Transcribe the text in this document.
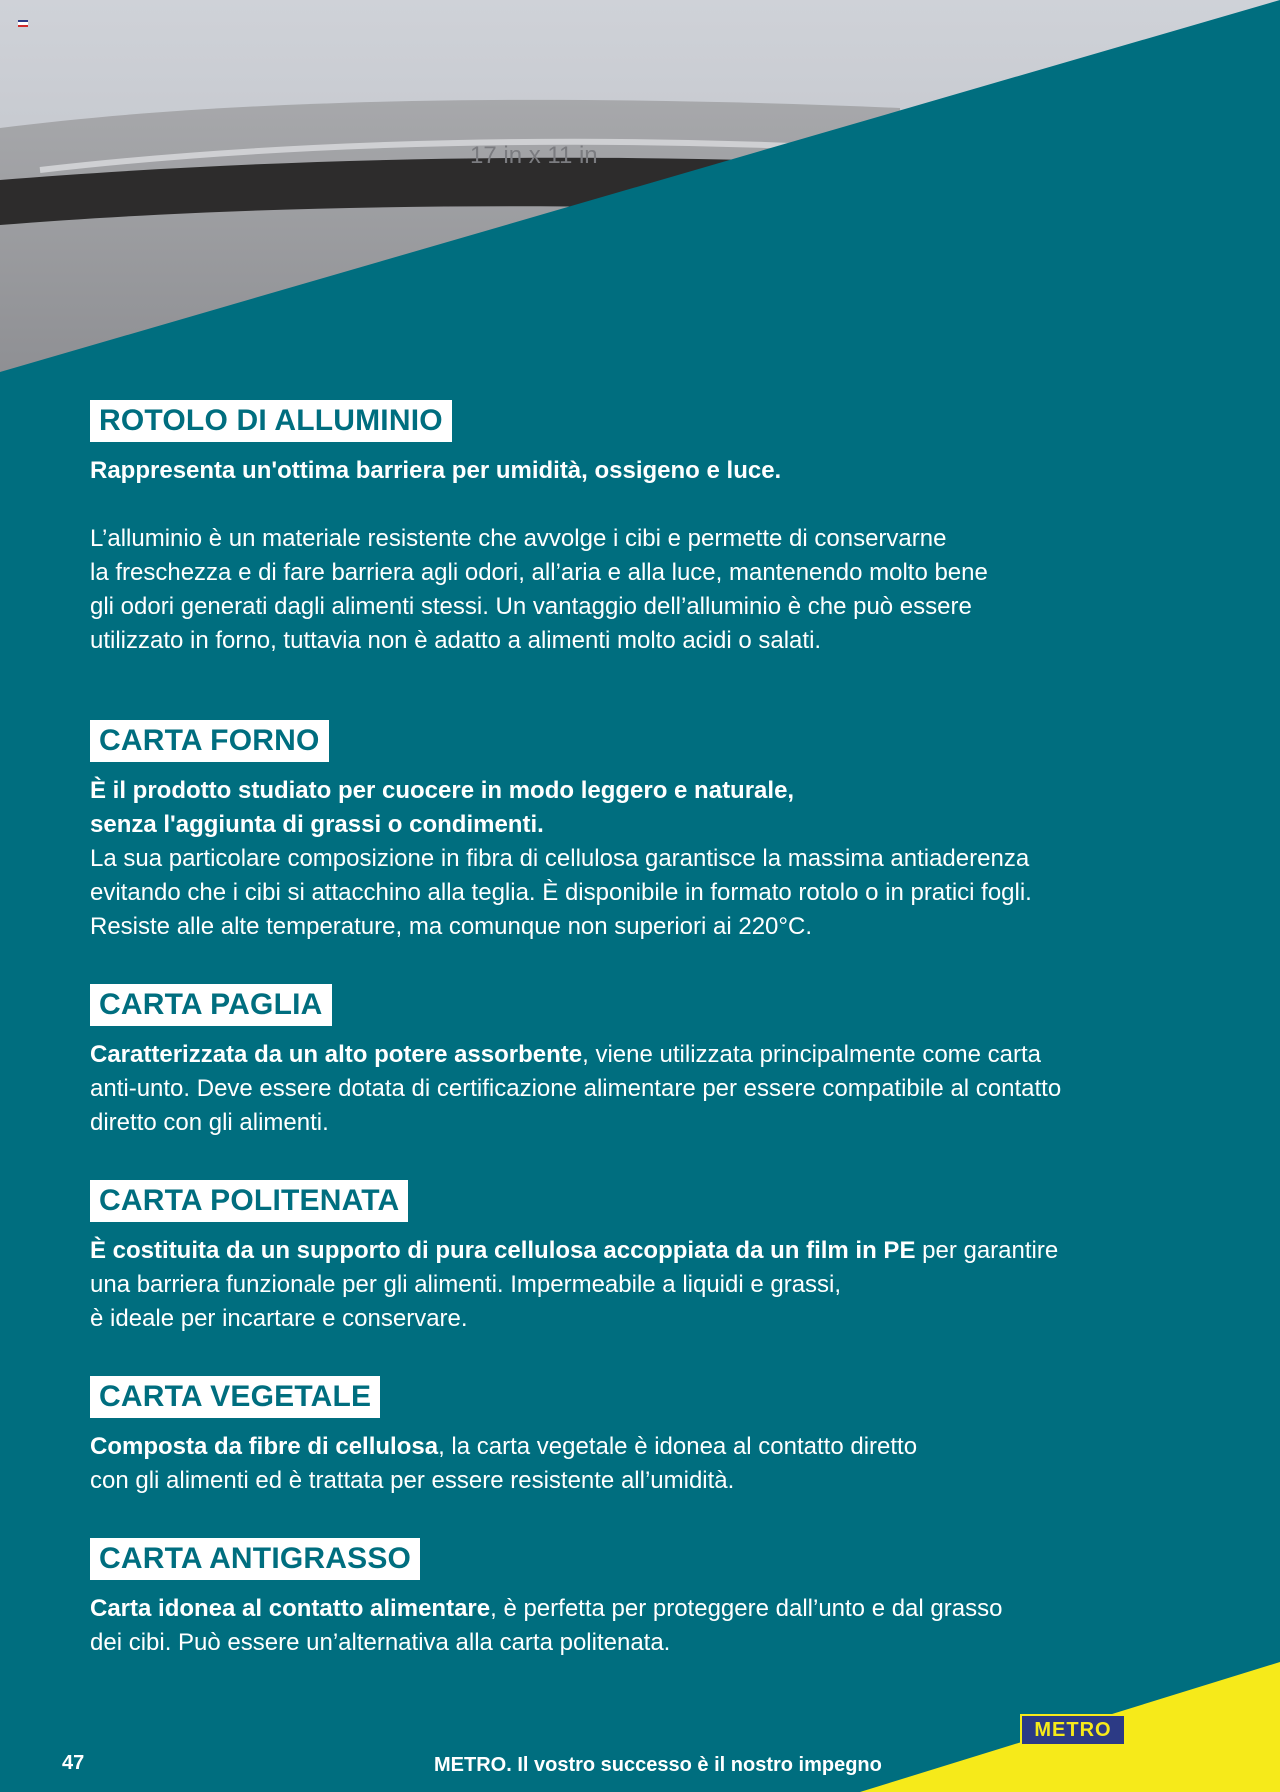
17 in x 11 in
ROTOLO DI ALLUMINIO

Rappresenta un'ottima barriera per umidità, ossigeno e luce.

L’alluminio è un materiale resistente che avvolge i cibi e permette di conservarne

la freschezza e di fare barriera agli odori, all’aria e alla luce, mantenendo molto bene

gli odori generati dagli alimenti stessi. Un vantaggio dell’alluminio è che può essere

utilizzato in forno, tuttavia non è adatto a alimenti molto acidi o salati.

CARTA FORNO

È il prodotto studiato per cuocere in modo leggero e naturale,

senza l'aggiunta di grassi o condimenti.

La sua particolare composizione in fibra di cellulosa garantisce la massima antiaderenza

evitando che i cibi si attacchino alla teglia. È disponibile in formato rotolo o in pratici fogli.

Resiste alle alte temperature, ma comunque non superiori ai 220°C.

CARTA PAGLIA

Caratterizzata da un alto potere assorbente, viene utilizzata principalmente come carta

anti-unto. Deve essere dotata di certificazione alimentare per essere compatibile al contatto

diretto con gli alimenti.

CARTA POLITENATA

È costituita da un supporto di pura cellulosa accoppiata da un film in PE per garantire

una barriera funzionale per gli alimenti. Impermeabile a liquidi e grassi,

è ideale per incartare e conservare.

CARTA VEGETALE

Composta da fibre di cellulosa, la carta vegetale è idonea al contatto diretto

con gli alimenti ed è trattata per essere resistente all’umidità.

CARTA ANTIGRASSO

Carta idonea al contatto alimentare, è perfetta per proteggere dall’unto e dal grasso

dei cibi. Può essere un’alternativa alla carta politenata.

47	METRO. Il vostro successo è il nostro impegno
METRO
